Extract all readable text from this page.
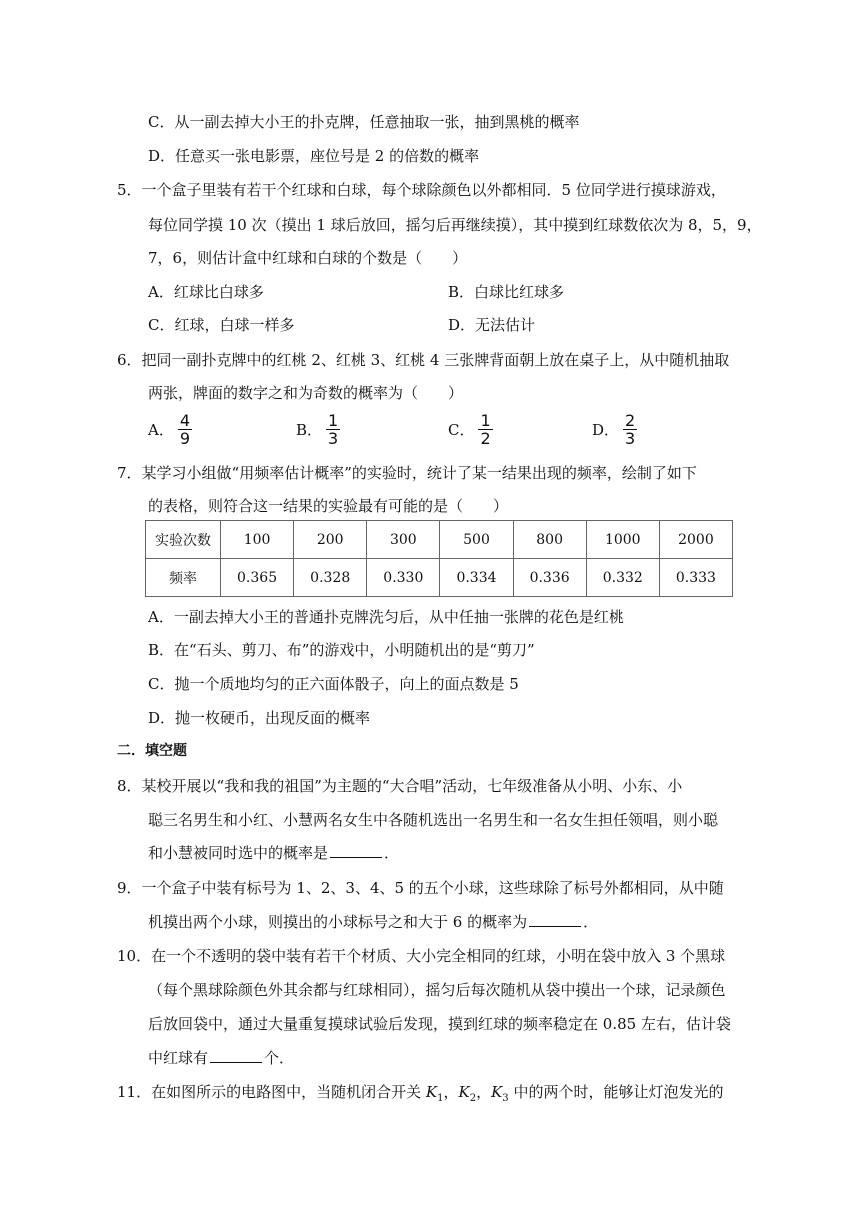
C．从一副去掉大小王的扑克牌，任意抽取一张，抽到黑桃的概率
D．任意买一张电影票，座位号是 2 的倍数的概率
5．一个盒子里装有若干个红球和白球，每个球除颜色以外都相同．5 位同学进行摸球游戏，
每位同学摸 10 次（摸出 1 球后放回，摇匀后再继续摸），其中摸到红球数依次为 8，5，9，
7，6，则估计盒中红球和白球的个数是（　　）
A．红球比白球多	B．白球比红球多
C．红球，白球一样多	D．无法估计
6．把同一副扑克牌中的红桃 2、红桃 3、红桃 4 三张牌背面朝上放在桌子上，从中随机抽取
两张，牌面的数字之和为奇数的概率为（　　）
A． $\frac{4}{9}$	B． $\frac{1}{3}$	C． $\frac{1}{2}$	D． $\frac{2}{3}$
7．某学习小组做“用频率估计概率”的实验时，统计了某一结果出现的频率，绘制了如下
的表格，则符合这一结果的实验最有可能的是（　　）
实验次数	100	200	300	500	800	1000	2000
频率	0.365	0.328	0.330	0.334	0.336	0.332	0.333
A．一副去掉大小王的普通扑克牌洗匀后，从中任抽一张牌的花色是红桃
B．在“石头、剪刀、布”的游戏中，小明随机出的是“剪刀”
C．抛一个质地均匀的正六面体骰子，向上的面点数是 5
D．抛一枚硬币，出现反面的概率
二．填空题
8．某校开展以“我和我的祖国”为主题的“大合唱”活动，七年级准备从小明、小东、小
聪三名男生和小红、小慧两名女生中各随机选出一名男生和一名女生担任领唱，则小聪
和小慧被同时选中的概率是	．
9．一个盒子中装有标号为 1、2、3、4、5 的五个小球，这些球除了标号外都相同，从中随
机摸出两个小球，则摸出的小球标号之和大于 6 的概率为	．
10．在一个不透明的袋中装有若干个材质、大小完全相同的红球，小明在袋中放入 3 个黑球
（每个黑球除颜色外其余都与红球相同），摇匀后每次随机从袋中摸出一个球，记录颜色
后放回袋中，通过大量重复摸球试验后发现，摸到红球的频率稳定在 0.85 左右，估计袋
中红球有	个．
11．在如图所示的电路图中，当随机闭合开关 $K_1$，$K_2$，$K_3$ 中的两个时，能够让灯泡发光的
